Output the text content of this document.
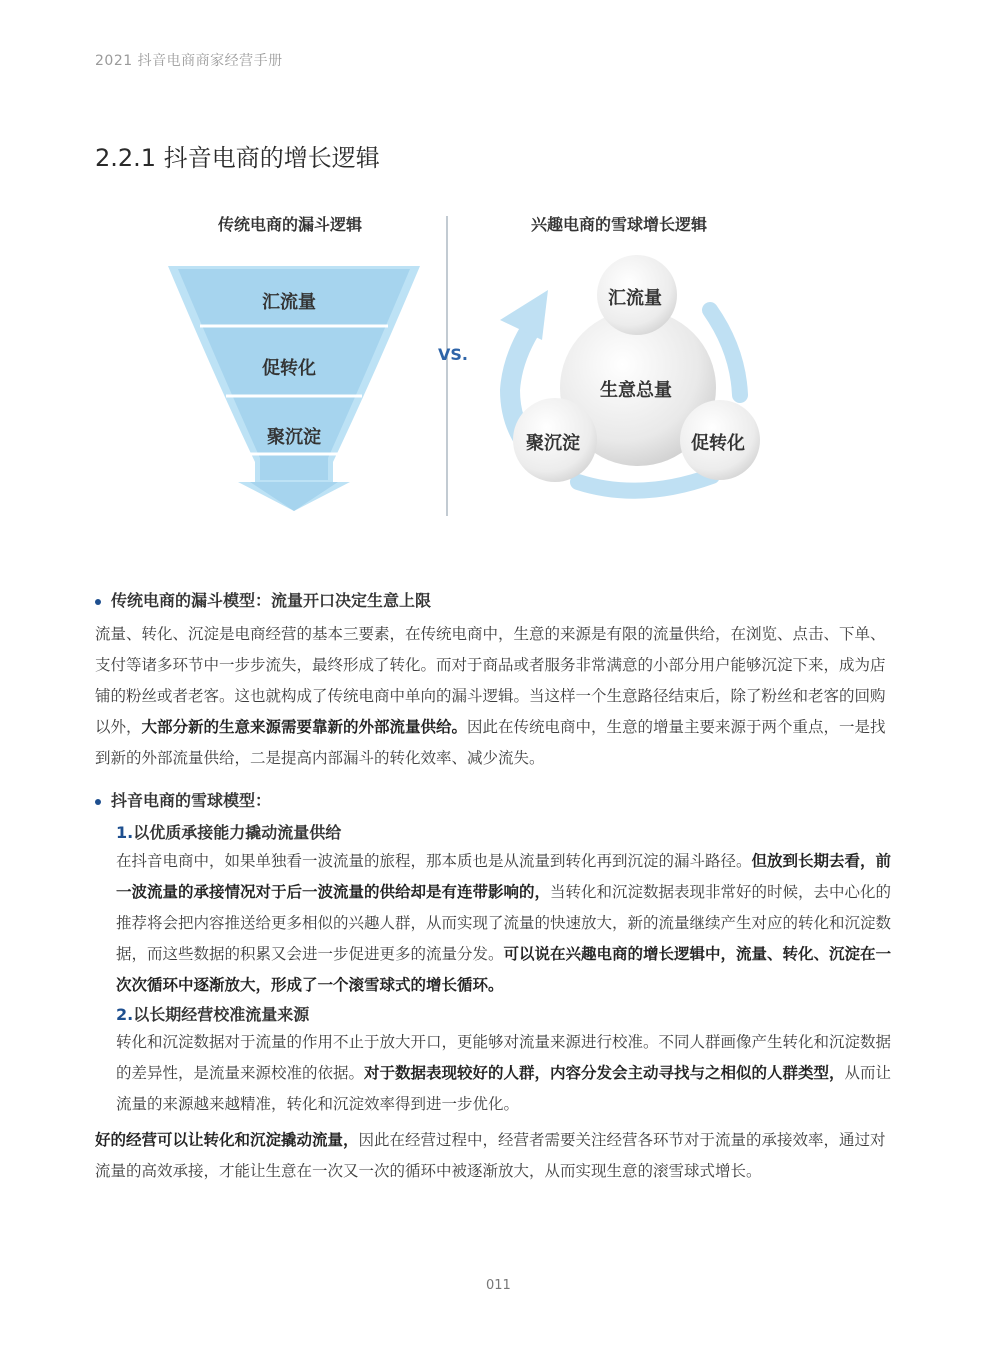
2021 抖音电商商家经营手册
2.2.1 抖音电商的增长逻辑
传统电商的漏斗逻辑	兴趣电商的雪球增长逻辑
VS.
汇流量
促转化
聚沉淀
生意总量
汇流量
促转化
聚沉淀
传统电商的漏斗模型：流量开口决定生意上限
流量、转化、沉淀是电商经营的基本三要素，在传统电商中，生意的来源是有限的流量供给，在浏览、点击、下单、支付等诸多环节中一步步流失，最终形成了转化。而对于商品或者服务非常满意的小部分用户能够沉淀下来，成为店铺的粉丝或者老客。这也就构成了传统电商中单向的漏斗逻辑。当这样一个生意路径结束后，除了粉丝和老客的回购以外，大部分新的生意来源需要靠新的外部流量供给。因此在传统电商中，生意的增量主要来源于两个重点，一是找到新的外部流量供给，二是提高内部漏斗的转化效率、减少流失。
抖音电商的雪球模型：
1.以优质承接能力撬动流量供给
在抖音电商中，如果单独看一波流量的旅程，那本质也是从流量到转化再到沉淀的漏斗路径。但放到长期去看，前一波流量的承接情况对于后一波流量的供给却是有连带影响的，当转化和沉淀数据表现非常好的时候，去中心化的推荐将会把内容推送给更多相似的兴趣人群，从而实现了流量的快速放大，新的流量继续产生对应的转化和沉淀数据，而这些数据的积累又会进一步促进更多的流量分发。可以说在兴趣电商的增长逻辑中，流量、转化、沉淀在一次次循环中逐渐放大，形成了一个滚雪球式的增长循环。
2.以长期经营校准流量来源
转化和沉淀数据对于流量的作用不止于放大开口，更能够对流量来源进行校准。不同人群画像产生转化和沉淀数据的差异性，是流量来源校准的依据。对于数据表现较好的人群，内容分发会主动寻找与之相似的人群类型，从而让流量的来源越来越精准，转化和沉淀效率得到进一步优化。
好的经营可以让转化和沉淀撬动流量，因此在经营过程中，经营者需要关注经营各环节对于流量的承接效率，通过对流量的高效承接，才能让生意在一次又一次的循环中被逐渐放大，从而实现生意的滚雪球式增长。
011
